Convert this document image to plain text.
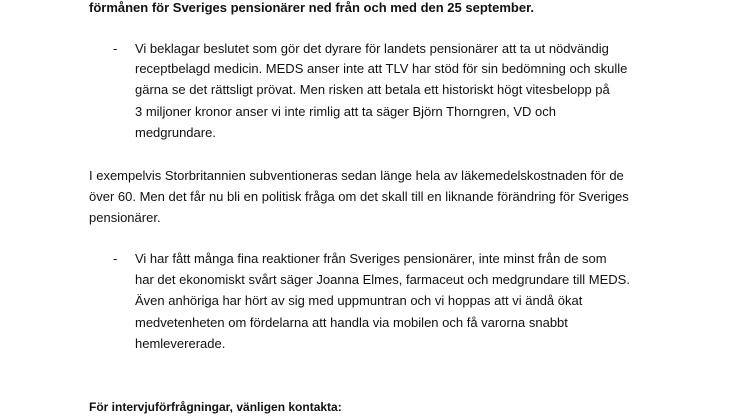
förmånen för Sveriges pensionärer ned från och med den 25 september.
- Vi beklagar beslutet som gör det dyrare för landets pensionärer att ta ut nödvändig
receptbelagd medicin. MEDS anser inte att TLV har stöd för sin bedömning och skulle
gärna se det rättsligt prövat. Men risken att betala ett historiskt högt vitesbelopp på
3 miljoner kronor anser vi inte rimlig att ta säger Björn Thorngren, VD och
medgrundare.
I exempelvis Storbritannien subventioneras sedan länge hela av läkemedelskostnaden för de
över 60. Men det får nu bli en politisk fråga om det skall till en liknande förändring för Sveriges
pensionärer.
- Vi har fått många fina reaktioner från Sveriges pensionärer, inte minst från de som
har det ekonomiskt svårt säger Joanna Elmes, farmaceut och medgrundare till MEDS.
Även anhöriga har hört av sig med uppmuntran och vi hoppas att vi ändå ökat
medvetenheten om fördelarna att handla via mobilen och få varorna snabbt
hemlevererade.
För intervjuförfrågningar, vänligen kontakta:
